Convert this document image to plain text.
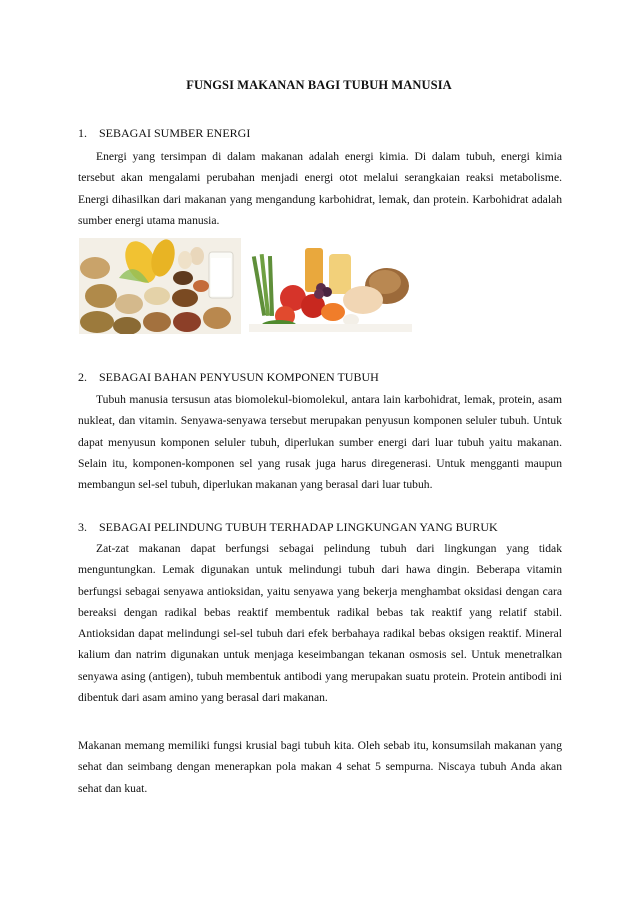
FUNGSI MAKANAN BAGI TUBUH MANUSIA
1. SEBAGAI SUMBER ENERGI
Energi yang tersimpan di dalam makanan adalah energi kimia. Di dalam tubuh, energi kimia tersebut akan mengalami perubahan menjadi energi otot melalui serangkaian reaksi metabolisme. Energi dihasilkan dari makanan yang mengandung karbohidrat, lemak, dan protein. Karbohidrat adalah sumber energi utama manusia.
2. SEBAGAI BAHAN PENYUSUN KOMPONEN TUBUH
Tubuh manusia tersusun atas biomolekul-biomolekul, antara lain karbohidrat, lemak, protein, asam nukleat, dan vitamin. Senyawa-senyawa tersebut merupakan penyusun komponen seluler tubuh. Untuk dapat menyusun komponen seluler tubuh, diperlukan sumber energi dari luar tubuh yaitu makanan. Selain itu, komponen-komponen sel yang rusak juga harus diregenerasi. Untuk mengganti maupun membangun sel-sel tubuh, diperlukan makanan yang berasal dari luar tubuh.
3. SEBAGAI PELINDUNG TUBUH TERHADAP LINGKUNGAN YANG BURUK
Zat-zat makanan dapat berfungsi sebagai pelindung tubuh dari lingkungan yang tidak menguntungkan. Lemak digunakan untuk melindungi tubuh dari hawa dingin. Beberapa vitamin berfungsi sebagai senyawa antioksidan, yaitu senyawa yang bekerja menghambat oksidasi dengan cara bereaksi dengan radikal bebas reaktif membentuk radikal bebas tak reaktif yang relatif stabil. Antioksidan dapat melindungi sel-sel tubuh dari efek berbahaya radikal bebas oksigen reaktif. Mineral kalium dan natrim digunakan untuk menjaga keseimbangan tekanan osmosis sel. Untuk menetralkan senyawa asing (antigen), tubuh membentuk antibodi yang merupakan suatu protein. Protein antibodi ini dibentuk dari asam amino yang berasal dari makanan.
Makanan memang memiliki fungsi krusial bagi tubuh kita. Oleh sebab itu, konsumsilah makanan yang sehat dan seimbang dengan menerapkan pola makan 4 sehat 5 sempurna. Niscaya tubuh Anda akan sehat dan kuat.
